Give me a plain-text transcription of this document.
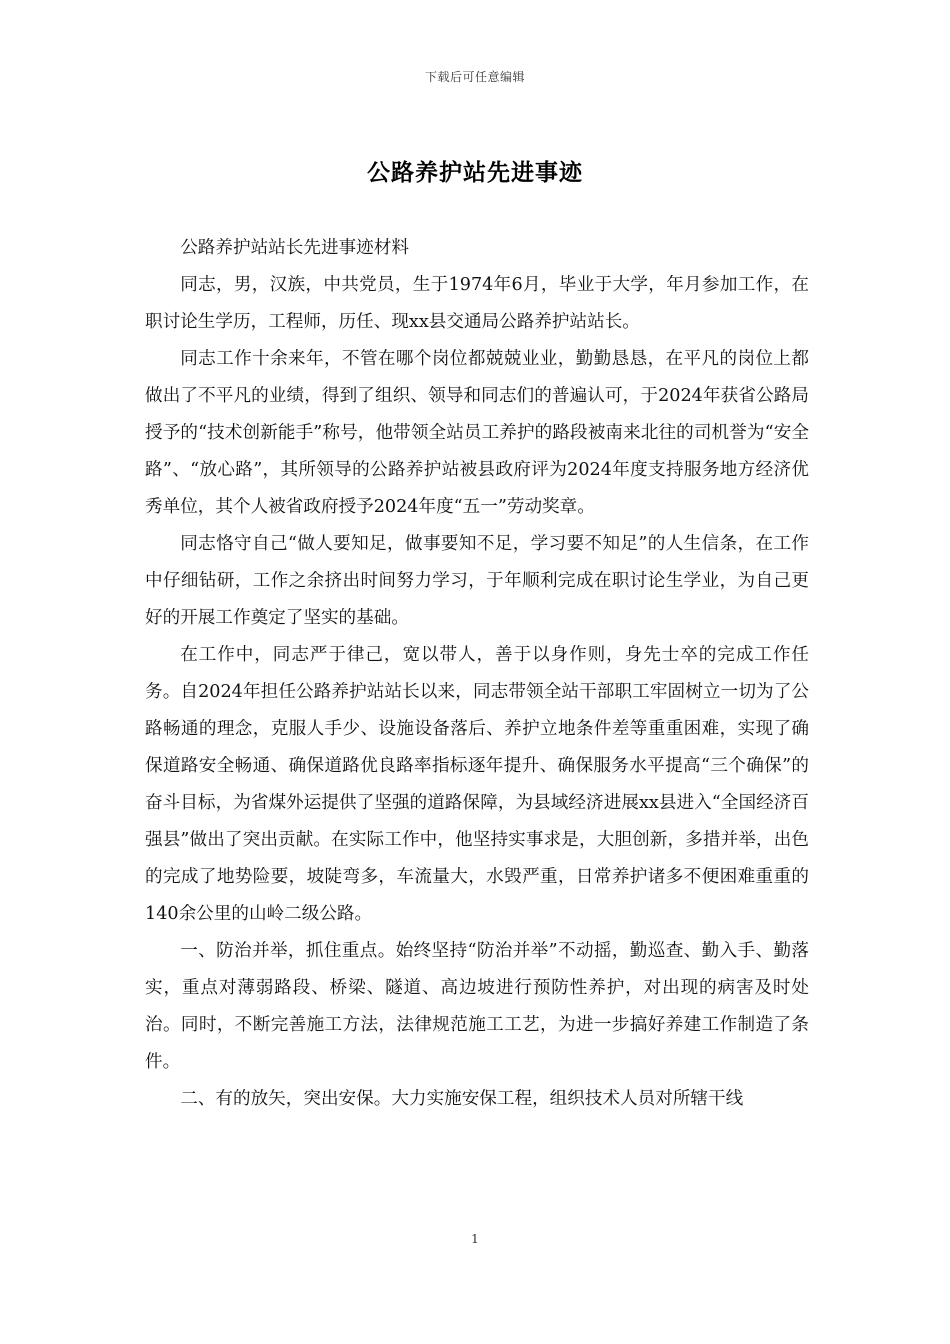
下载后可任意编辑
公路养护站先进事迹

公路养护站站长先进事迹材料

同志，男，汉族，中共党员，生于1974年6月，毕业于大学，年月参加工作，在职讨论生学历，工程师，历任、现xx县交通局公路养护站站长。

同志工作十余来年，不管在哪个岗位都兢兢业业，勤勤恳恳，在平凡的岗位上都做出了不平凡的业绩，得到了组织、领导和同志们的普遍认可，于2024年获省公路局授予的“技术创新能手”称号，他带领全站员工养护的路段被南来北往的司机誉为“安全路”、“放心路”，其所领导的公路养护站被县政府评为2024年度支持服务地方经济优秀单位，其个人被省政府授予2024年度“五一”劳动奖章。

同志恪守自己“做人要知足，做事要知不足，学习要不知足”的人生信条，在工作中仔细钻研，工作之余挤出时间努力学习，于年顺利完成在职讨论生学业，为自己更好的开展工作奠定了坚实的基础。

在工作中，同志严于律己，宽以带人，善于以身作则，身先士卒的完成工作任务。自2024年担任公路养护站站长以来，同志带领全站干部职工牢固树立一切为了公路畅通的理念，克服人手少、设施设备落后、养护立地条件差等重重困难，实现了确保道路安全畅通、确保道路优良路率指标逐年提升、确保服务水平提高“三个确保”的奋斗目标，为省煤外运提供了坚强的道路保障，为县域经济进展xx县进入“全国经济百强县”做出了突出贡献。在实际工作中，他坚持实事求是，大胆创新，多措并举，出色的完成了地势险要，坡陡弯多，车流量大，水毁严重，日常养护诸多不便困难重重的140余公里的山岭二级公路。

一、防治并举，抓住重点。始终坚持“防治并举”不动摇，勤巡查、勤入手、勤落实，重点对薄弱路段、桥梁、隧道、高边坡进行预防性养护，对出现的病害及时处治。同时，不断完善施工方法，法律规范施工工艺，为进一步搞好养建工作制造了条件。

二、有的放矢，突出安保。大力实施安保工程，组织技术人员对所辖干线

1
